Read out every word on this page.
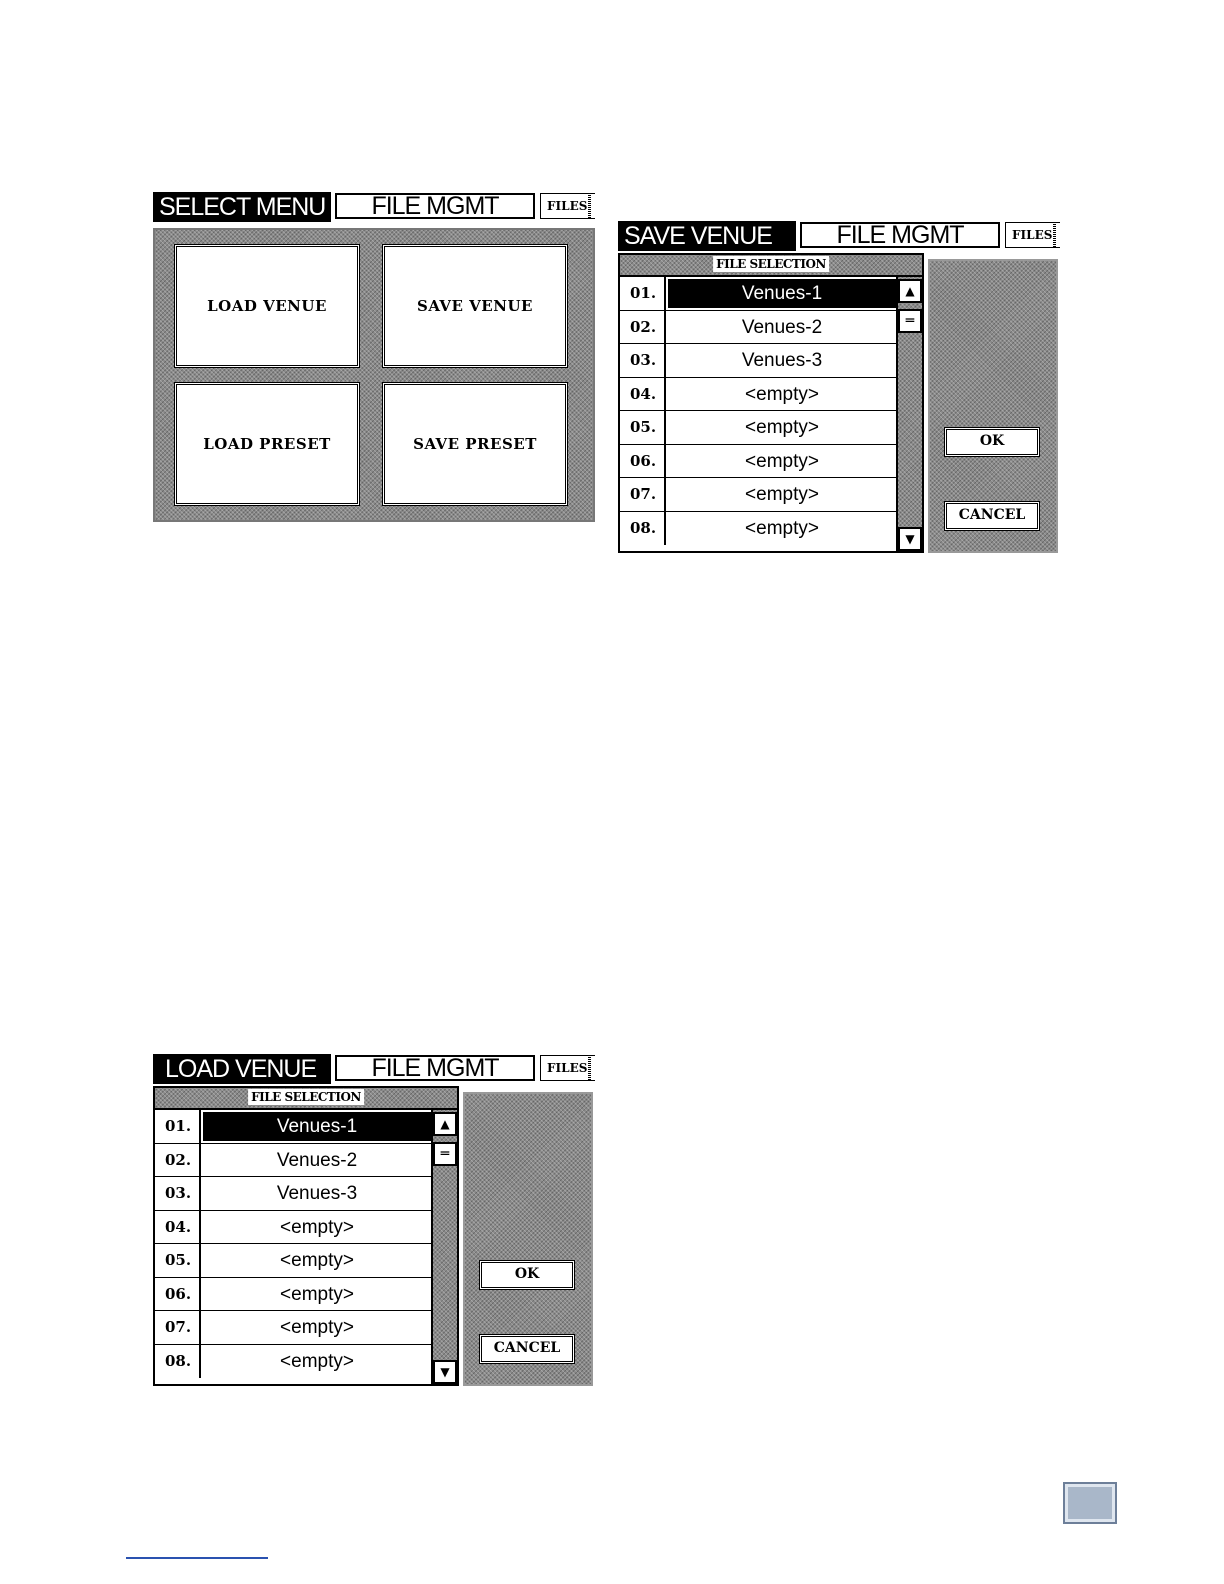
SELECT MENU	FILE MGMT	FILES
LOAD VENUE	SAVE VENUE
LOAD PRESET	SAVE PRESET
SAVE VENUE	FILE MGMT	FILES
FILE SELECTION
01.	Venues-1
02.	Venues-2
03.	Venues-3
04.	<empty>
05.	<empty>
06.	<empty>
07.	<empty>
08.	<empty>
▲
═
▼
OK
CANCEL
LOAD VENUE	FILE MGMT	FILES
FILE SELECTION
01.	Venues-1
02.	Venues-2
03.	Venues-3
04.	<empty>
05.	<empty>
06.	<empty>
07.	<empty>
08.	<empty>
▲
═
▼
OK
CANCEL
